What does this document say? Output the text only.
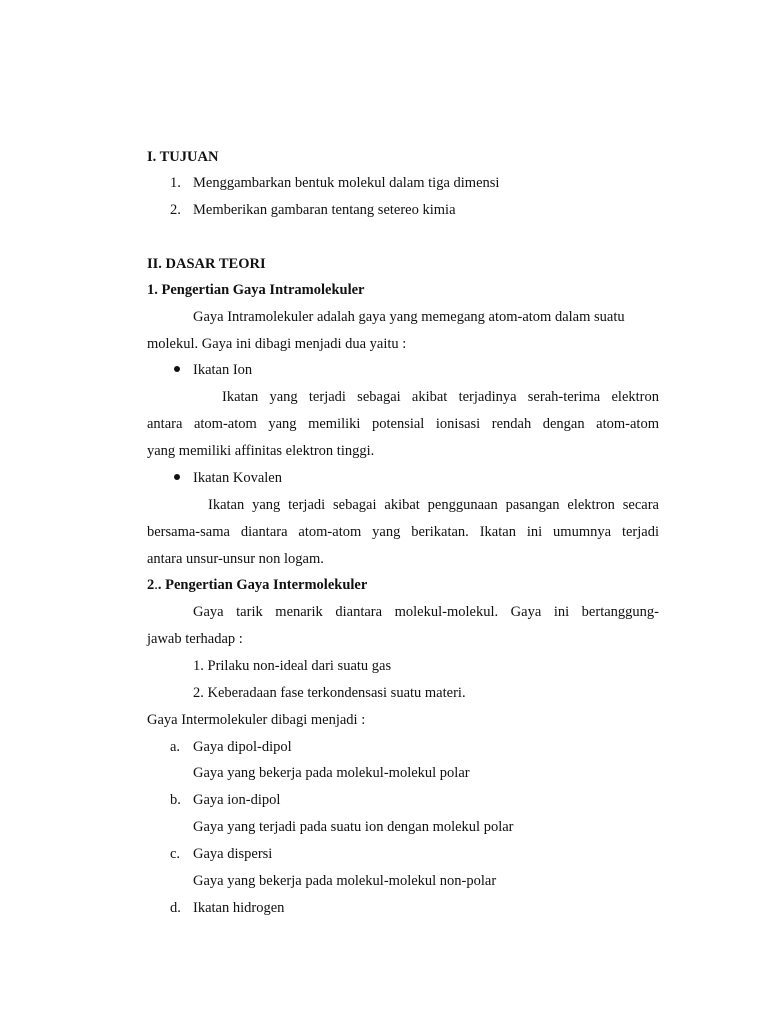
I. TUJUAN
1. Menggambarkan bentuk molekul dalam tiga dimensi
2. Memberikan gambaran tentang setereo kimia
II. DASAR TEORI
1. Pengertian Gaya Intramolekuler
Gaya Intramolekuler adalah gaya yang memegang atom-atom dalam suatu
molekul. Gaya ini dibagi menjadi dua yaitu :
Ikatan Ion
Ikatan yang terjadi sebagai akibat terjadinya serah-terima elektron
antara atom-atom yang memiliki potensial ionisasi rendah dengan atom-atom
yang memiliki affinitas elektron tinggi.
Ikatan Kovalen
Ikatan yang terjadi sebagai akibat penggunaan pasangan elektron secara
bersama-sama diantara atom-atom yang berikatan. Ikatan ini umumnya terjadi
antara unsur-unsur non logam.
2.. Pengertian Gaya Intermolekuler
Gaya tarik menarik diantara molekul-molekul. Gaya ini bertanggung-
jawab terhadap :
1. Prilaku non-ideal dari suatu gas
2. Keberadaan fase terkondensasi suatu materi.
Gaya Intermolekuler dibagi menjadi :
a. Gaya dipol-dipol
Gaya yang bekerja pada molekul-molekul polar
b. Gaya ion-dipol
Gaya yang terjadi pada suatu ion dengan molekul polar
c. Gaya dispersi
Gaya yang bekerja pada molekul-molekul non-polar
d. Ikatan hidrogen
